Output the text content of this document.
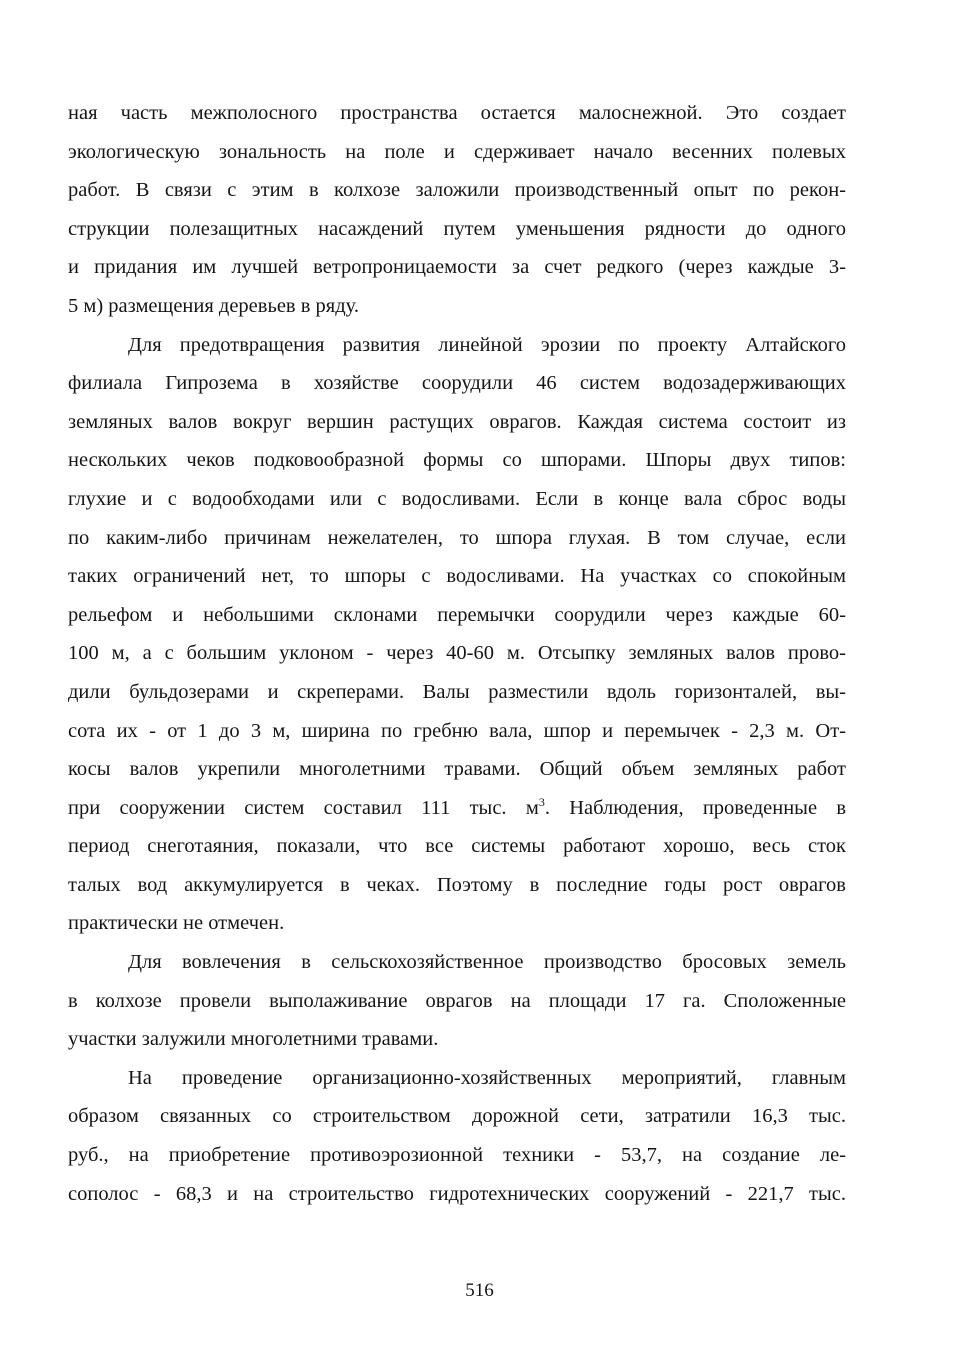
ная часть межполосного пространства остается малоснежной. Это создает
экологическую зональность на поле и сдерживает начало весенних полевых
работ. В связи с этим в колхозе заложили производственный опыт по рекон-
струкции полезащитных насаждений путем уменьшения рядности до одного
и придания им лучшей ветропроницаемости за счет редкого (через каждые 3-
5 м) размещения деревьев в ряду.
Для предотвращения развития линейной эрозии по проекту Алтайского
филиала Гипрозема в хозяйстве соорудили 46 систем водозадерживающих
земляных валов вокруг вершин растущих оврагов. Каждая система состоит из
нескольких чеков подковообразной формы со шпорами. Шпоры двух типов:
глухие и с водообходами или с водосливами. Если в конце вала сброс воды
по каким-либо причинам нежелателен, то шпора глухая. В том случае, если
таких ограничений нет, то шпоры с водосливами. На участках со спокойным
рельефом и небольшими склонами перемычки соорудили через каждые 60-
100 м, а с большим уклоном - через 40-60 м. Отсыпку земляных валов прово-
дили бульдозерами и скреперами. Валы разместили вдоль горизонталей, вы-
сота их - от 1 до 3 м, ширина по гребню вала, шпор и перемычек - 2,3 м. От-
косы валов укрепили многолетними травами. Общий объем земляных работ
при сооружении систем составил 111 тыс. $м^3$. Наблюдения, проведенные в
период снеготаяния, показали, что все системы работают хорошо, весь сток
талых вод аккумулируется в чеках. Поэтому в последние годы рост оврагов
практически не отмечен.
Для вовлечения в сельскохозяйственное производство бросовых земель
в колхозе провели выполаживание оврагов на площади 17 га. Сположенные
участки залужили многолетними травами.
На проведение организационно-хозяйственных мероприятий, главным
образом связанных со строительством дорожной сети, затратили 16,3 тыс.
руб., на приобретение противоэрозионной техники - 53,7, на создание ле-
сополос - 68,3 и на строительство гидротехнических сооружений - 221,7 тыс.
516
